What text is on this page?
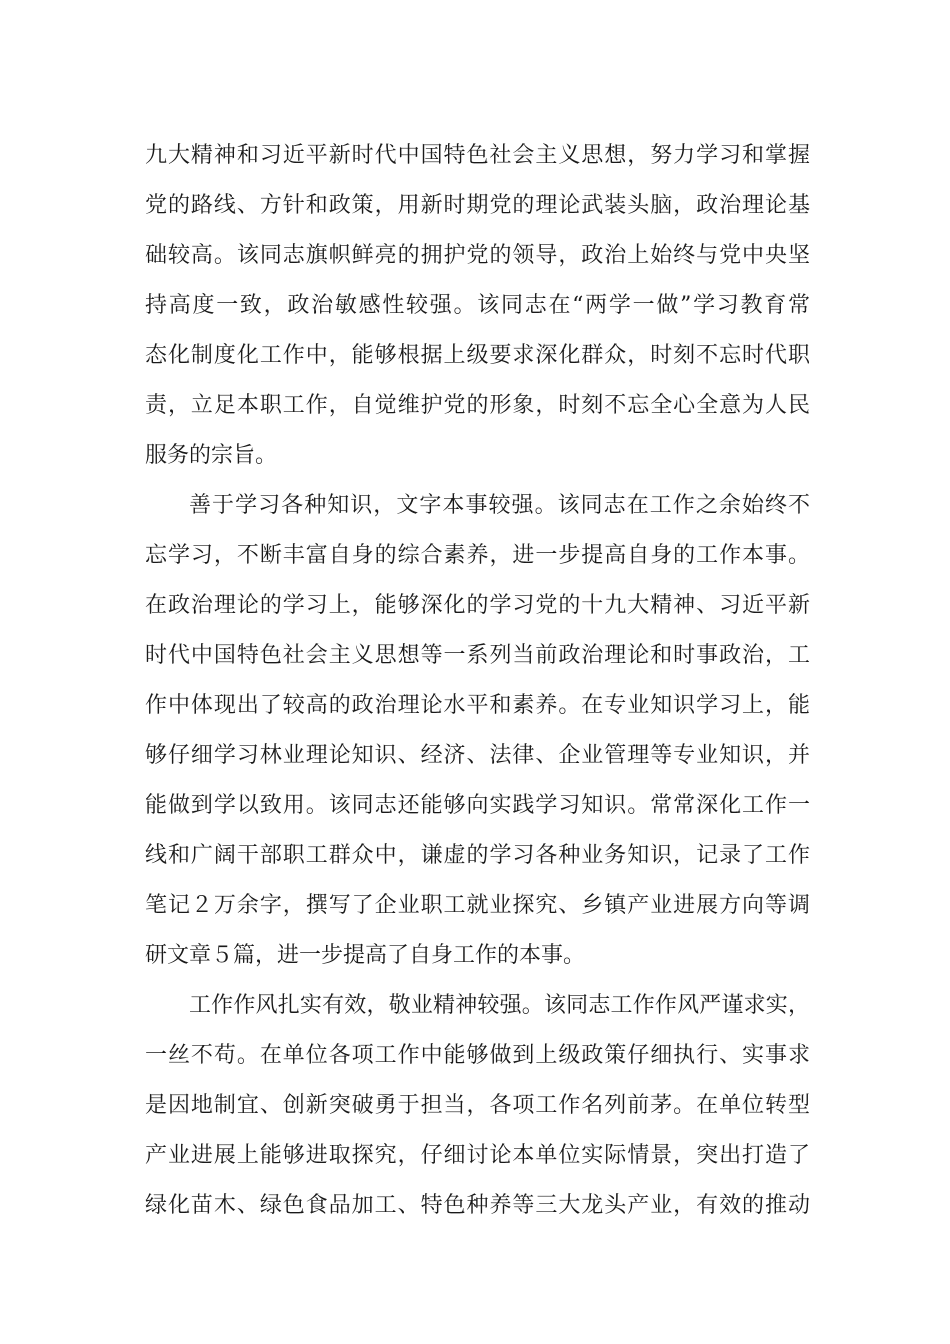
九大精神和习近平新时代中国特色社会主义思想，努力学习和掌握
党的路线、方针和政策，用新时期党的理论武装头脑，政治理论基
础较高。该同志旗帜鲜亮的拥护党的领导，政治上始终与党中央坚
持高度一致，政治敏感性较强。该同志在“两学一做”学习教育常
态化制度化工作中，能够根据上级要求深化群众，时刻不忘时代职
责，立足本职工作，自觉维护党的形象，时刻不忘全心全意为人民
服务的宗旨。
善于学习各种知识，文字本事较强。该同志在工作之余始终不
忘学习，不断丰富自身的综合素养，进一步提高自身的工作本事。
在政治理论的学习上，能够深化的学习党的十九大精神、习近平新
时代中国特色社会主义思想等一系列当前政治理论和时事政治，工
作中体现出了较高的政治理论水平和素养。在专业知识学习上，能
够仔细学习林业理论知识、经济、法律、企业管理等专业知识，并
能做到学以致用。该同志还能够向实践学习知识。常常深化工作一
线和广阔干部职工群众中，谦虚的学习各种业务知识，记录了工作
笔记２万余字，撰写了企业职工就业探究、乡镇产业进展方向等调
研文章５篇，进一步提高了自身工作的本事。
工作作风扎实有效，敬业精神较强。该同志工作作风严谨求实，
一丝不苟。在单位各项工作中能够做到上级政策仔细执行、实事求
是因地制宜、创新突破勇于担当，各项工作名列前茅。在单位转型
产业进展上能够进取探究，仔细讨论本单位实际情景，突出打造了
绿化苗木、绿色食品加工、特色种养等三大龙头产业，有效的推动
